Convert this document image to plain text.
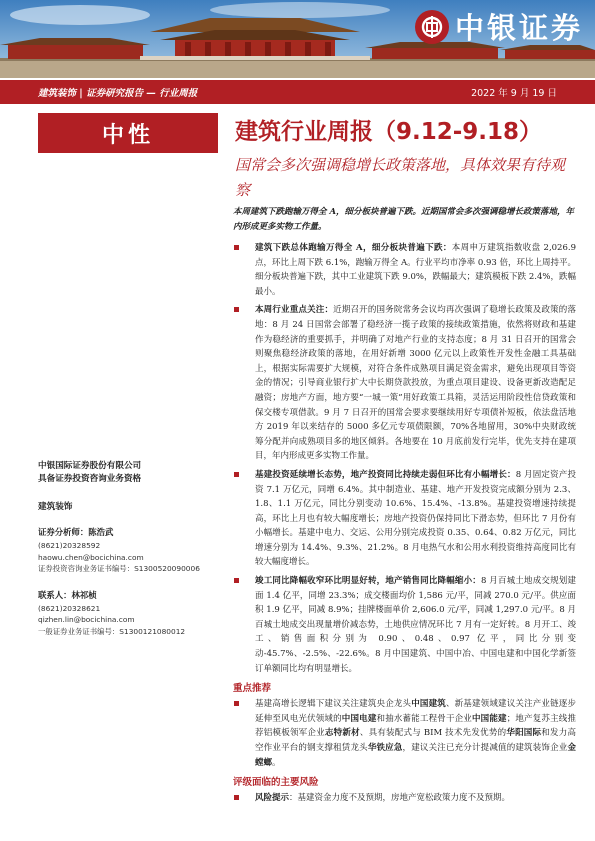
中银证券
建筑装饰 | 证券研究报告 — 行业周报	2022 年 9 月 19 日
中性	建筑行业周报（9.12-9.18）
国常会多次强调稳增长政策落地，具体效果有待观察
中银国际证券股份有限公司
具备证券投资咨询业务资格
建筑装饰
证券分析师：陈浩武
(8621)20328592
haowu.chen@bocichina.com
证券投资咨询业务证书编号：S1300520090006
联系人：林祁桢
(8621)20328621
qizhen.lin@bocichina.com
一般证券业务证书编号：S1300121080012

本周建筑下跌跑输万得全 A，细分板块普遍下跌。近期国常会多次强调稳增长政策落地，年内形成更多实物工作量。

建筑下跌总体跑输万得全 A，细分板块普遍下跌：本周申万建筑指数收盘 2,026.9 点，环比上周下跌 6.1%，跑输万得全 A。行业平均市净率 0.93 倍，环比上周持平。细分板块普遍下跌，其中工业建筑下跌 9.0%，跌幅最大；建筑模板下跌 2.4%，跌幅最小。
本周行业重点关注：近期召开的国务院常务会议均再次强调了稳增长政策及政策的落地：8 月 24 日国常会部署了稳经济一揽子政策的接续政策措施，依然将财政和基建作为稳经济的重要抓手，并明确了对地产行业的支持态度；8 月 31 日召开的国常会则聚焦稳经济政策的落地，在用好新增 3000 亿元以上政策性开发性金融工具基础上，根据实际需要扩大规模，对符合条件成熟项目满足资金需求，避免出现项目等资金的情况；引导商业银行扩大中长期贷款投放，为重点项目建设、设备更新改造配足融资；房地产方面，地方要“一城一策”用好政策工具箱，灵活运用阶段性信贷政策和保交楼专项借款。9 月 7 日召开的国常会要求要继续用好专项债补短板，依法盘活地方 2019 年以来结存的 5000 多亿元专项债限额，70%各地留用，30%中央财政统筹分配并向成熟项目多的地区倾斜。各地要在 10 月底前发行完毕，优先支持在建项目，年内形成更多实物工作量。
基建投资延续增长态势，地产投资同比持续走弱但环比有小幅增长：8 月固定资产投资 7.1 万亿元，同增 6.4%。其中制造业、基建、地产开发投资完成额分别为 2.3、1.8、1.1 万亿元，同比分别变动 10.6%、15.4%、-13.8%。基建投资增速持续提高，环比上月也有较大幅度增长；房地产投资仍保持同比下滑态势，但环比 7 月份有小幅增长。基建中电力、交运、公用分别完成投资 0.35、0.64、0.82 万亿元，同比增速分别为 14.4%、9.3%、21.2%。8 月电热气水和公用水利投资维持高度同比有较大幅度增长。
竣工同比降幅收窄环比明显好转，地产销售同比降幅缩小：8 月百城土地成交规划建面 1.4 亿平，同增 23.3%；成交楼面均价 1,586 元/平，同减 270.0 元/平。供应面积 1.9 亿平，同减 8.9%；挂牌楼面单价 2,606.0 元/平，同减 1,297.0 元/平。8 月百城土地成交出现量增价减态势，土地供应情况环比 7 月有一定好转。8 月开工、竣工、销售面积分别为 0.90、0.48、0.97 亿平，同比分别变动-45.7%、-2.5%、-22.6%。8 月中国建筑、中国中冶、中国电建和中国化学新签订单额同比均有明显增长。
重点推荐
基建高增长逻辑下建议关注建筑央企龙头中国建筑、新基建领域建议关注产业链逐步延伸至风电光伏领域的中国电建和抽水蓄能工程骨干企业中国能建；地产复苏主线推荐铝模板领军企业志特新材、具有装配式与 BIM 技术先发优势的华阳国际和发力高空作业平台的钢支撑租赁龙头华铁应急，建议关注已充分计提减值的建筑装饰企业金螳螂。
评级面临的主要风险
风险提示：基建资金力度不及预期，房地产宽松政策力度不及预期。
